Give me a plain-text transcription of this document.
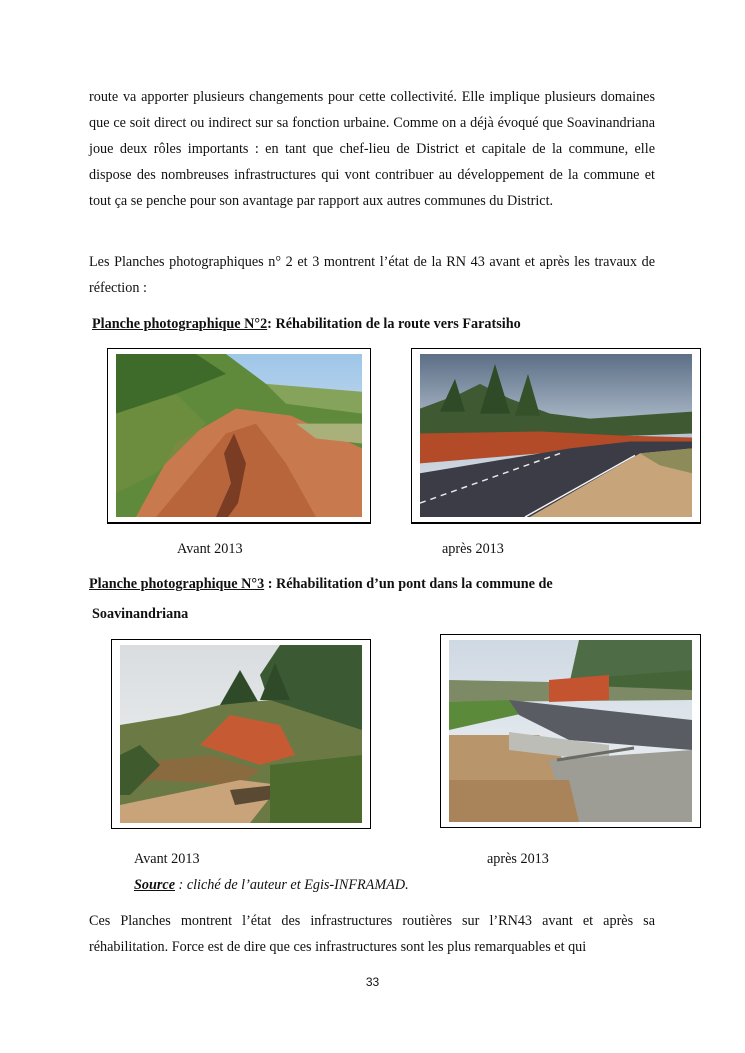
route va apporter plusieurs changements pour cette collectivité. Elle implique plusieurs domaines que ce soit direct ou indirect sur sa fonction urbaine. Comme on a déjà évoqué que Soavinandriana joue deux rôles importants : en tant que chef-lieu de District et capitale de la commune, elle dispose des nombreuses infrastructures qui vont contribuer au développement de la commune et tout ça se penche pour son avantage par rapport aux autres communes du District.

Les Planches photographiques n° 2 et 3 montrent l’état de la RN 43 avant et après les travaux de réfection :

Planche photographique N°2: Réhabilitation de la route vers Faratsiho

Avant 2013	après 2013

Planche photographique N°3 : Réhabilitation d’un pont dans la commune de

Soavinandriana

Avant 2013	après 2013

Source : cliché de l’auteur et Egis-INFRAMAD.

Ces Planches montrent l’état des infrastructures routières sur l’RN43 avant et après sa réhabilitation. Force est de dire que ces infrastructures sont les plus remarquables et qui

33
